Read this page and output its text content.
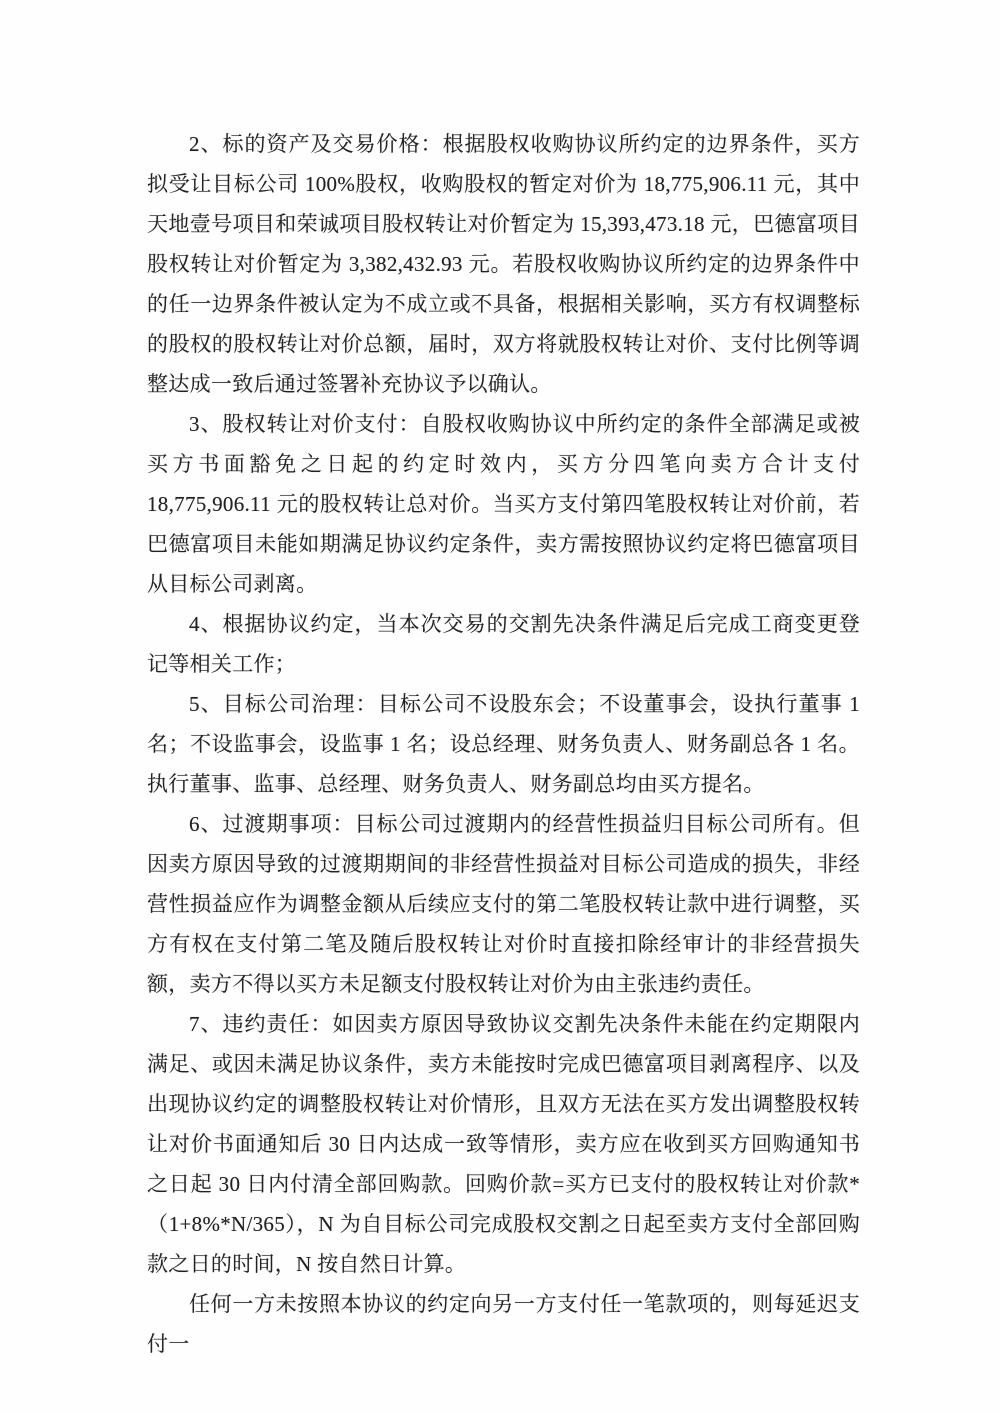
2、标的资产及交易价格：根据股权收购协议所约定的边界条件，买方拟受让目标公司 100%股权，收购股权的暂定对价为 18,775,906.11 元，其中天地壹号项目和荣诚项目股权转让对价暂定为 15,393,473.18 元，巴德富项目股权转让对价暂定为 3,382,432.93 元。若股权收购协议所约定的边界条件中的任一边界条件被认定为不成立或不具备，根据相关影响，买方有权调整标的股权的股权转让对价总额，届时，双方将就股权转让对价、支付比例等调整达成一致后通过签署补充协议予以确认。

3、股权转让对价支付：自股权收购协议中所约定的条件全部满足或被买方书面豁免之日起的约定时效内，买方分四笔向卖方合计支付 18,775,906.11 元的股权转让总对价。当买方支付第四笔股权转让对价前，若巴德富项目未能如期满足协议约定条件，卖方需按照协议约定将巴德富项目从目标公司剥离。

4、根据协议约定，当本次交易的交割先决条件满足后完成工商变更登记等相关工作；

5、目标公司治理：目标公司不设股东会；不设董事会，设执行董事 1 名；不设监事会，设监事 1 名；设总经理、财务负责人、财务副总各 1 名。执行董事、监事、总经理、财务负责人、财务副总均由买方提名。

6、过渡期事项：目标公司过渡期内的经营性损益归目标公司所有。但因卖方原因导致的过渡期期间的非经营性损益对目标公司造成的损失，非经营性损益应作为调整金额从后续应支付的第二笔股权转让款中进行调整，买方有权在支付第二笔及随后股权转让对价时直接扣除经审计的非经营损失额，卖方不得以买方未足额支付股权转让对价为由主张违约责任。

7、违约责任：如因卖方原因导致协议交割先决条件未能在约定期限内满足、或因未满足协议条件，卖方未能按时完成巴德富项目剥离程序、以及出现协议约定的调整股权转让对价情形，且双方无法在买方发出调整股权转让对价书面通知后 30 日内达成一致等情形，卖方应在收到买方回购通知书之日起 30 日内付清全部回购款。回购价款=买方已支付的股权转让对价款*（1+8%*N/365），N 为自目标公司完成股权交割之日起至卖方支付全部回购款之日的时间，N 按自然日计算。

任何一方未按照本协议的约定向另一方支付任一笔款项的，则每延迟支付一
